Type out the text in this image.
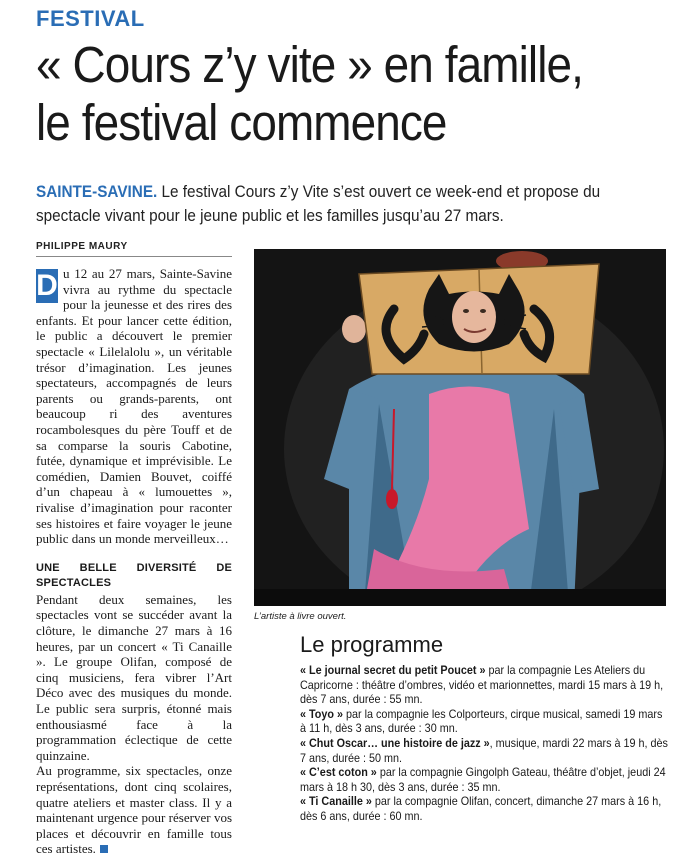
FESTIVAL
« Cours z’y vite » en famille,
le festival commence
SAINTE-SAVINE. Le festival Cours z’y Vite s’est ouvert ce week-end et propose du spectacle vivant pour le jeune public et les familles jusqu’au 27 mars.
PHILIPPE MAURY

D u 12 au 27 mars, Sainte-Savine vivra au rythme du spectacle pour la jeunesse et des rires des enfants. Et pour lancer cette édition, le public a découvert le premier spectacle « Lilelalolu », un véritable trésor d’imagination. Les jeunes spectateurs, accompagnés de leurs parents ou grands-parents, ont beaucoup ri des aventures rocambolesques du père Touff et de sa comparse la souris Cabotine, futée, dynamique et imprévisible. Le comédien, Damien Bouvet, coiffé d’un chapeau à « lumouettes », rivalise d’imagination pour raconter ses histoires et faire voyager le jeune public dans un monde merveilleux…

UNE BELLE DIVERSITÉ DE SPECTACLES

Pendant deux semaines, les spectacles vont se succéder avant la clôture, le dimanche 27 mars à 16 heures, par un concert « Ti Canaille ». Le groupe Olifan, composé de cinq musiciens, fera vibrer l’Art Déco avec des musiques du monde. Le public sera surpris, étonné mais enthousiasmé face à la programmation éclectique de cette quinzaine.

Au programme, six spectacles, onze représentations, dont cinq scolaires, quatre ateliers et master class. Il y a maintenant urgence pour réserver vos places et découvrir en famille tous ces artistes.

L’artiste à livre ouvert.
Le programme

« Le journal secret du petit Poucet » par la compagnie Les Ateliers du Capricorne : théâtre d’ombres, vidéo et marionnettes, mardi 15 mars à 19 h, dès 7 ans, durée : 55 mn.

« Toyo » par la compagnie les Colporteurs, cirque musical, samedi 19 mars à 11 h, dès 3 ans, durée : 30 mn.

« Chut Oscar… une histoire de jazz », musique, mardi 22 mars à 19 h, dès 7 ans, durée : 50 mn.

« C’est coton » par la compagnie Gingolph Gateau, théâtre d’objet, jeudi 24 mars à 18 h 30, dès 3 ans, durée : 35 mn.

« Ti Canaille » par la compagnie Olifan, concert, dimanche 27 mars à 16 h, dès 6 ans, durée : 60 mn.
